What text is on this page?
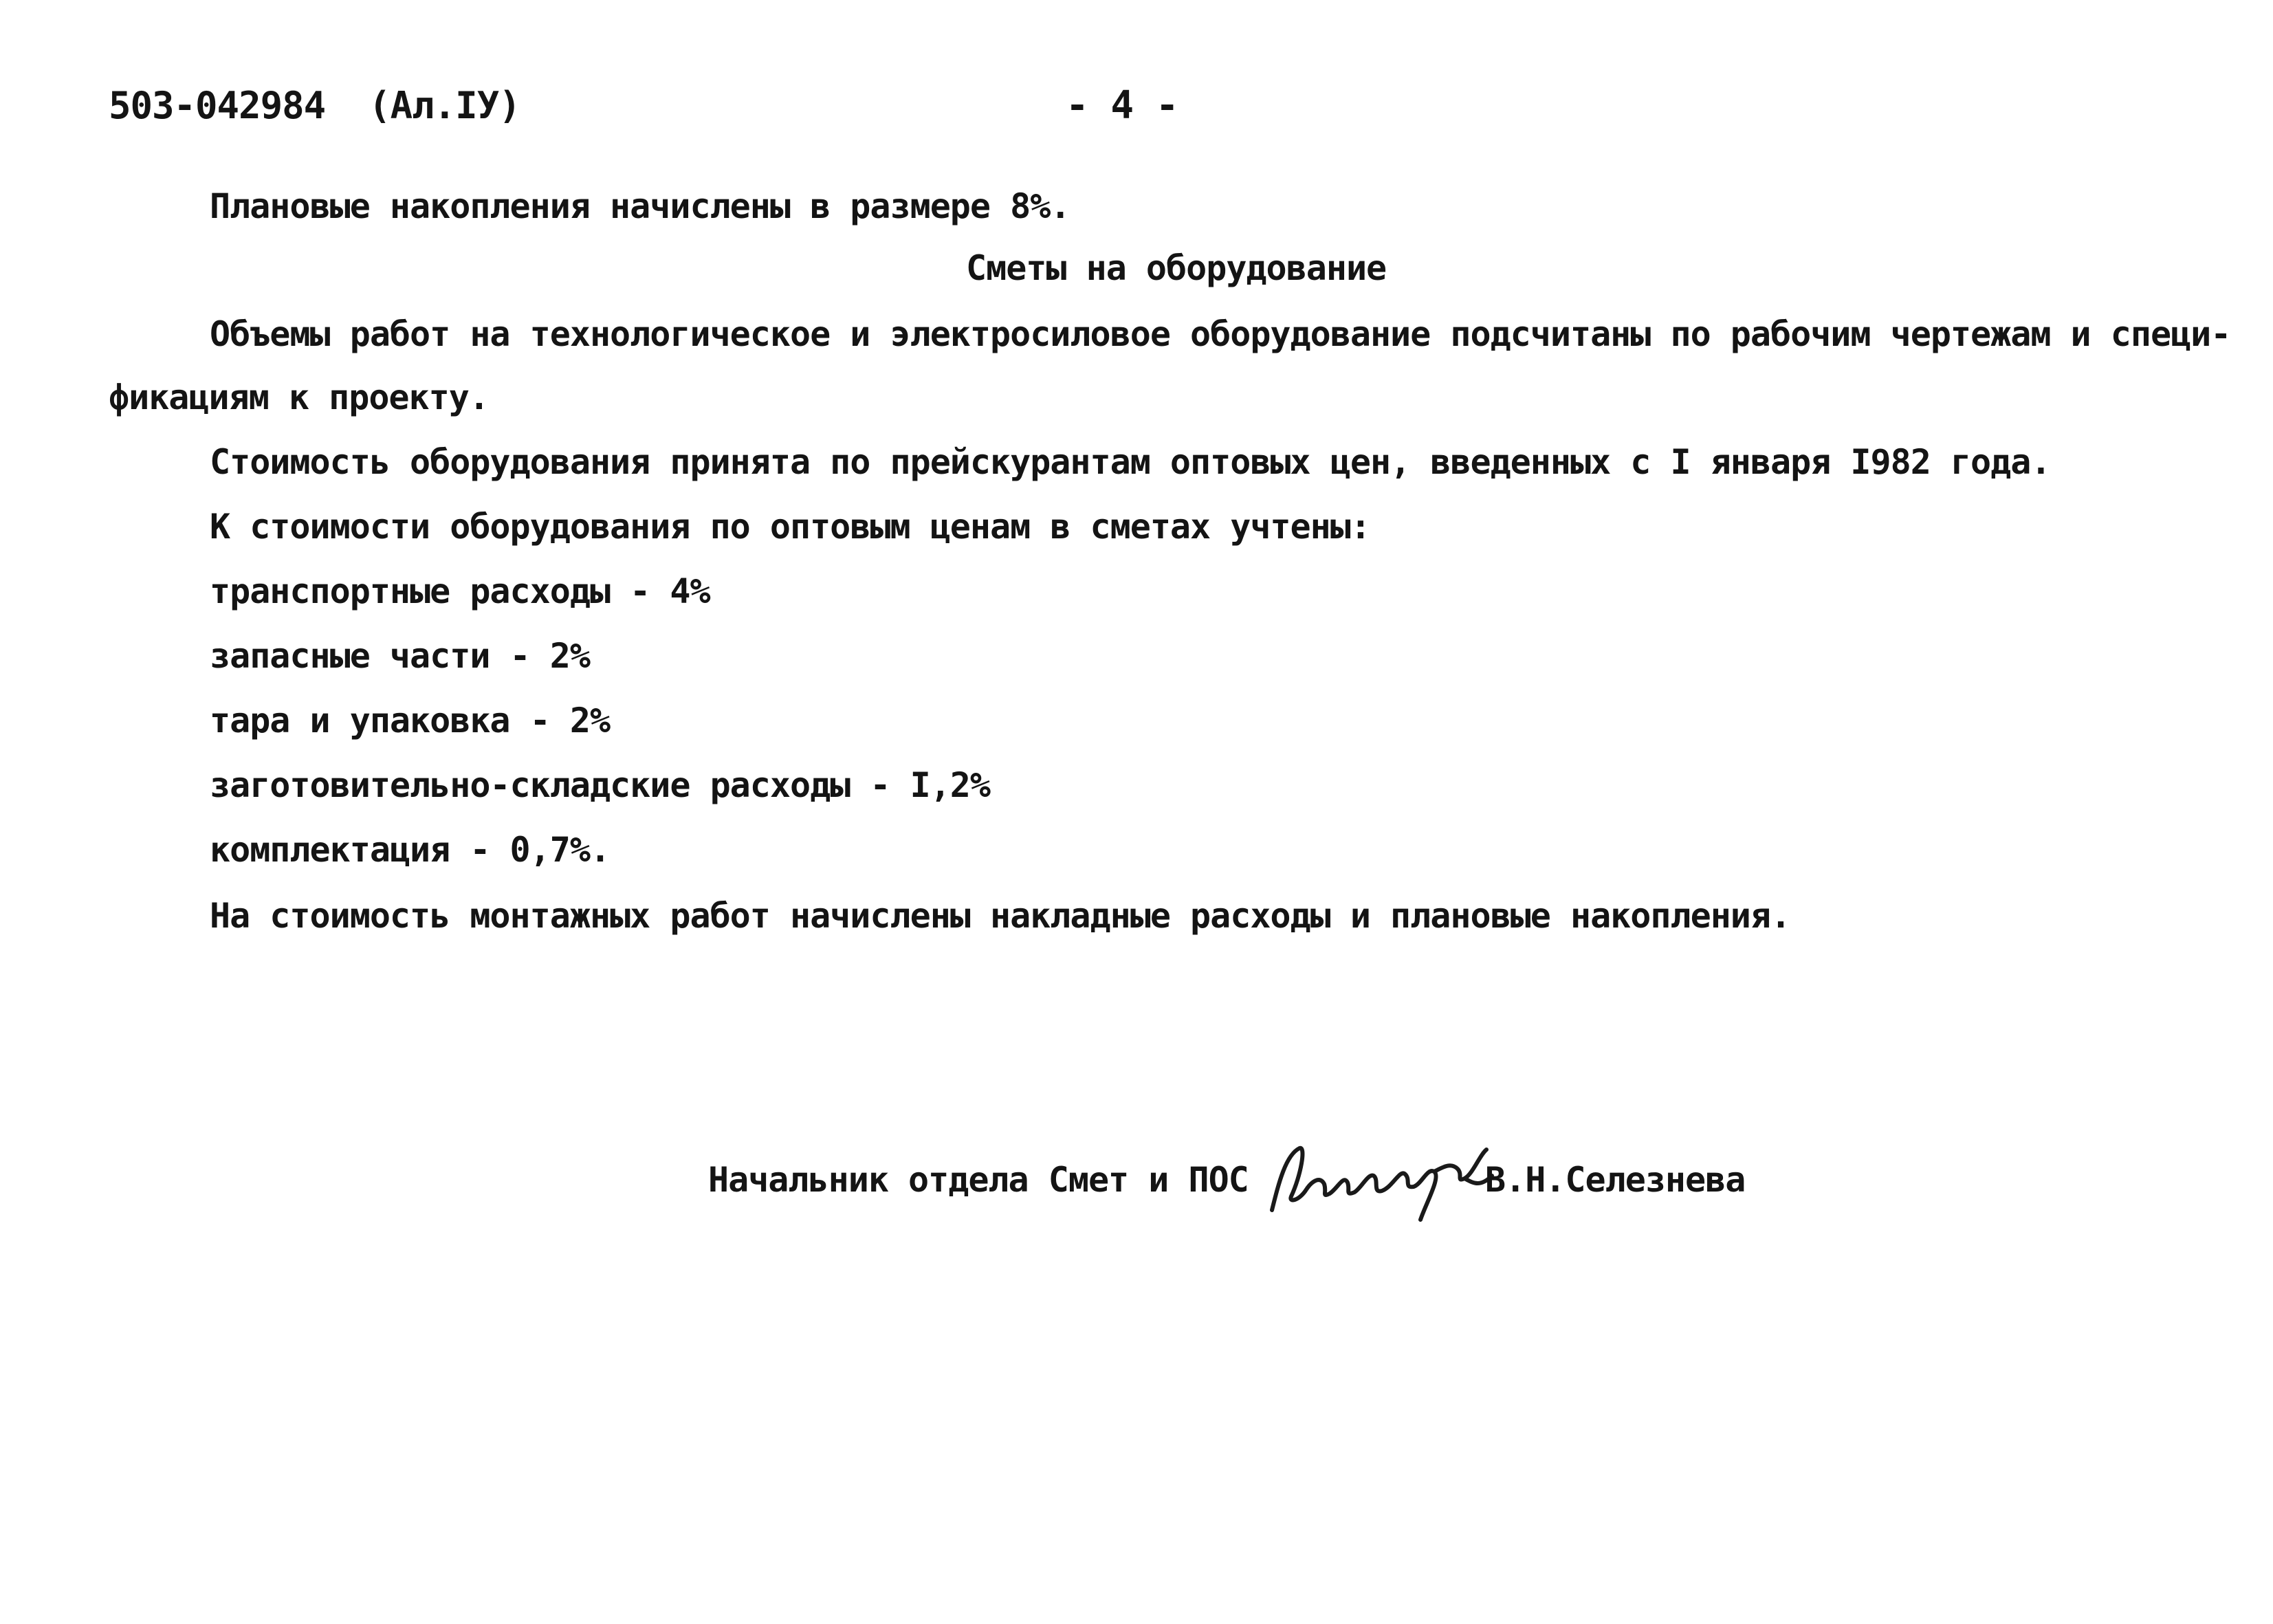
503-042984 (Ал.IУ)	- 4 -
Плановые накопления начислены в размере 8%.
Сметы на оборудование
Объемы работ на технологическое и электросиловое оборудование подсчитаны по рабочим чертежам и специ-
фикациям к проекту.
Стоимость оборудования принята по прейскурантам оптовых цен, введенных с I января I982 года.
К стоимости оборудования по оптовым ценам в сметах учтены:
транспортные расходы - 4%
запасные части - 2%
тара и упаковка - 2%
заготовительно-складские расходы - I,2%
комплектация - 0,7%.
На стоимость монтажных работ начислены накладные расходы и плановые накопления.
Начальник отдела Смет и ПОС	В.Н.Селезнева
